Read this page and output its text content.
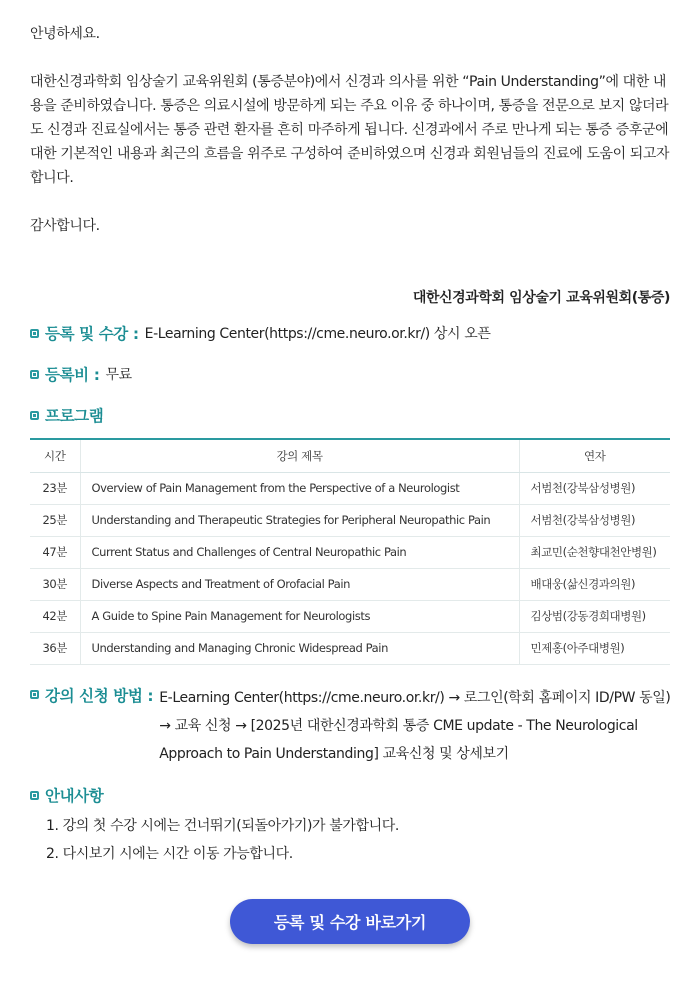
안녕하세요.

대한신경과학회 임상술기 교육위원회 (통증분야)에서 신경과 의사를 위한 “Pain Understanding”에 대한 내용을 준비하였습니다. 통증은 의료시설에 방문하게 되는 주요 이유 중 하나이며, 통증을 전문으로 보지 않더라도 신경과 진료실에서는 통증 관련 환자를 흔히 마주하게 됩니다. 신경과에서 주로 만나게 되는 통증 증후군에 대한 기본적인 내용과 최근의 흐름을 위주로 구성하여 준비하였으며 신경과 회원님들의 진료에 도움이 되고자 합니다.

감사합니다.

대한신경과학회 임상술기 교육위원회(통증)

등록 및 수강 : E-Learning Center(https://cme.neuro.or.kr/) 상시 오픈
등록비 : 무료
프로그램
시간	강의 제목	연자
23분	Overview of Pain Management from the Perspective of a Neurologist	서범천(강북삼성병원)
25분	Understanding and Therapeutic Strategies for Peripheral Neuropathic Pain	서범천(강북삼성병원)
47분	Current Status and Challenges of Central Neuropathic Pain	최교민(순천향대천안병원)
30분	Diverse Aspects and Treatment of Orofacial Pain	배대웅(삶신경과의원)
42분	A Guide to Spine Pain Management for Neurologists	김상범(강동경희대병원)
36분	Understanding and Managing Chronic Widespread Pain	민제홍(아주대병원)
강의 신청 방법 : E-Learning Center(https://cme.neuro.or.kr/) → 로그인(학회 홈페이지 ID/PW 동일)

→ 교육 신청 → [2025년 대한신경과학회 통증 CME update - The Neurological

Approach to Pain Understanding] 교육신청 및 상세보기

안내사항
1. 강의 첫 수강 시에는 건너뛰기(되돌아가기)가 불가합니다.
2. 다시보기 시에는 시간 이동 가능합니다.
등록 및 수강 바로가기
